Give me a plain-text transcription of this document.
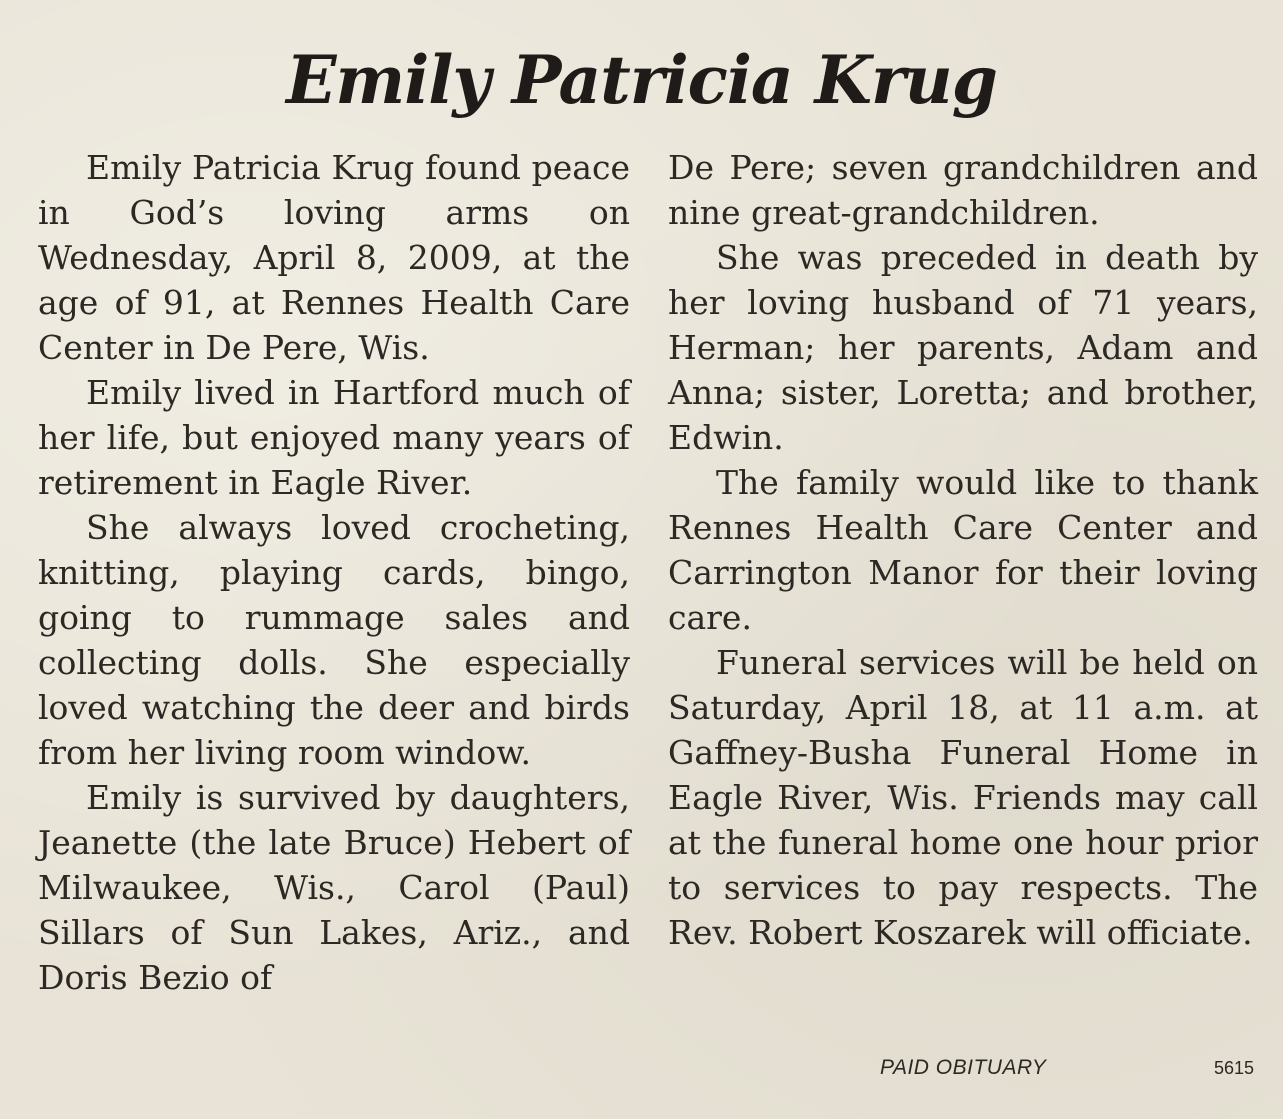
Emily Patricia Krug

Emily Patricia Krug found peace in God’s loving arms on Wednesday, April 8, 2009, at the age of 91, at Rennes Health Care Center in De Pere, Wis.

Emily lived in Hartford much of her life, but enjoyed many years of retirement in Eagle River.

She always loved crocheting, knitting, playing cards, bingo, going to rummage sales and collecting dolls. She especially loved watching the deer and birds from her living room window.

Emily is survived by daughters, Jeanette (the late Bruce) Hebert of Milwaukee, Wis., Carol (Paul) Sillars of Sun Lakes, Ariz., and Doris Bezio of

De Pere; seven grandchildren and nine great-grandchildren.

She was preceded in death by her loving husband of 71 years, Herman; her parents, Adam and Anna; sister, Loretta; and brother, Edwin.

The family would like to thank Rennes Health Care Center and Carrington Manor for their loving care.

Funeral services will be held on Saturday, April 18, at 11 a.m. at Gaffney-Busha Funeral Home in Eagle River, Wis. Friends may call at the funeral home one hour prior to services to pay respects. The Rev. Robert Koszarek will officiate.

PAID OBITUARY	5615
